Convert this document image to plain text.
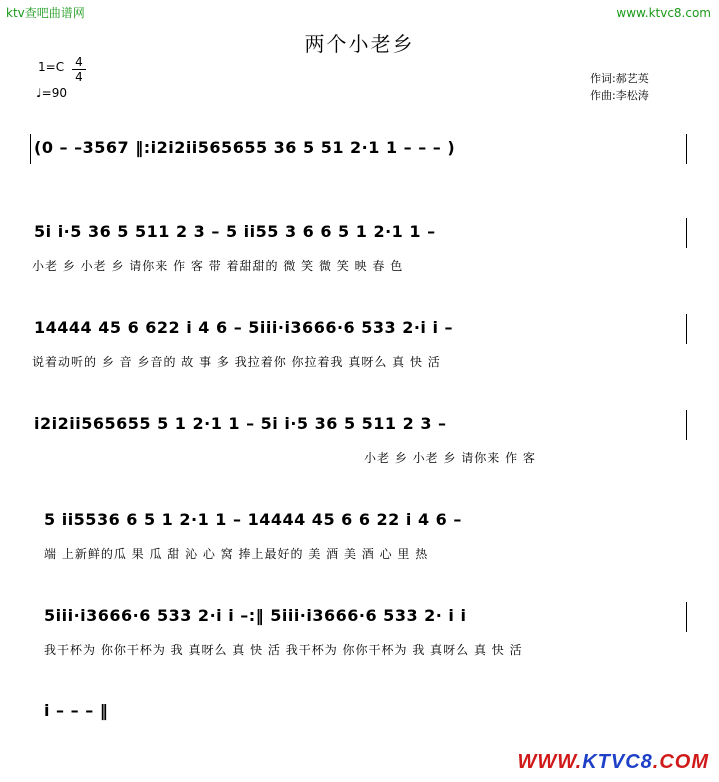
ktv查吧曲谱网	www.ktvc8.com
两个小老乡
$1=C \frac{4}{4}$
♩=90
作词:郝艺英
作曲:李松涛
(0 – –3567 ‖:i2i2ii565655 36 5 51 2·1 1 – – – )
5i i·5 36 5 511 2 3 – 5 ii55 3 6 6 5 1 2·1 1 –
小老 乡 小老 乡 请你来 作 客 带 着甜甜的 微 笑 微 笑 映 春 色
14444 45 6 622 i 4 6 – 5iii·i3666·6 533 2·i i –
说着动听的 乡 音 乡音的 故 事 多 我拉着你 你拉着我 真呀么 真 快 活
i2i2ii565655 5 1 2·1 1 – 5i i·5 36 5 511 2 3 –
小老 乡 小老 乡 请你来 作 客
5 ii5536 6 5 1 2·1 1 – 14444 45 6 6 22 i 4 6 –
端 上新鲜的瓜 果 瓜 甜 沁 心 窝 捧上最好的 美 酒 美 酒 心 里 热
5iii·i3666·6 533 2·i i –:‖ 5iii·i3666·6 533 2· i i
我干杯为 你你干杯为 我 真呀么 真 快 活 我干杯为 你你干杯为 我 真呀么 真 快 活
i – – – ‖
WWW.KTVC8.COM
